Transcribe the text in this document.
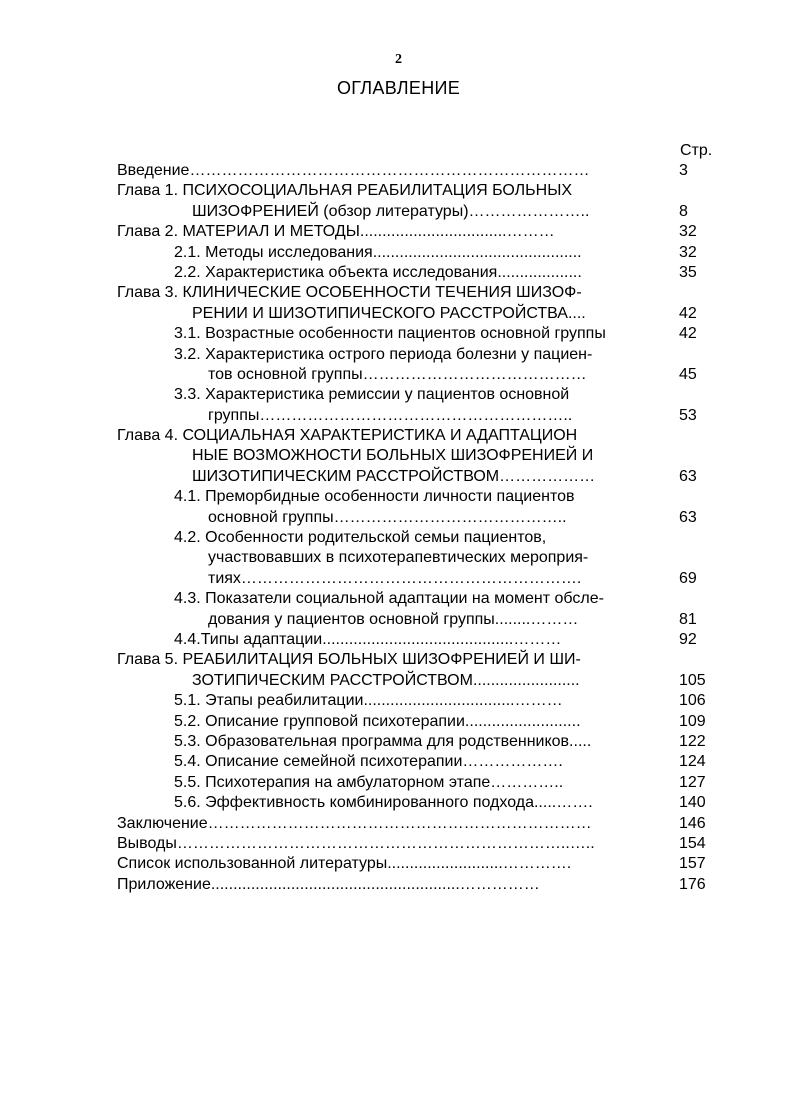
2
ОГЛАВЛЕНИЕ
Стр.
Введение…………………………………………………………………	3
Глава 1. ПСИХОСОЦИАЛЬНАЯ РЕАБИЛИТАЦИЯ БОЛЬНЫХ
ШИЗОФРЕНИЕЙ (обзор литературы)…………………..	8
Глава 2. МАТЕРИАЛ И МЕТОДЫ.................................………	32
2.1. Методы исследования...............................................	32
2.2. Характеристика объекта исследования...................	35
Глава 3. КЛИНИЧЕСКИЕ ОСОБЕННОСТИ ТЕЧЕНИЯ ШИЗОФ-
РЕНИИ И ШИЗОТИПИЧЕСКОГО РАССТРОЙСТВА....	42
3.1. Возрастные особенности пациентов основной группы	42
3.2. Характеристика острого периода болезни у пациен-
тов основной группы……………………………………	45
3.3. Характеристика ремиссии у пациентов основной
группы…………………………………………………..	53
Глава 4. СОЦИАЛЬНАЯ ХАРАКТЕРИСТИКА И АДАПТАЦИОН
НЫЕ ВОЗМОЖНОСТИ БОЛЬНЫХ ШИЗОФРЕНИЕЙ И
ШИЗОТИПИЧЕСКИМ РАССТРОЙСТВОМ………………	63
4.1. Преморбидные особенности личности пациентов
основной группы……………………………………..	63
4.2. Особенности родительской семьи пациентов,
участвовавших в психотерапевтических мероприя-
тиях……………………………………………………….	69
4.3. Показатели социальной адаптации на момент обсле-
дования у пациентов основной группы........………	81
4.4.Типы адаптации...........................................………	92
Глава 5. РЕАБИЛИТАЦИЯ БОЛЬНЫХ ШИЗОФРЕНИЕЙ И ШИ-
ЗОТИПИЧЕСКИМ РАССТРОЙСТВОМ........................	105
5.1. Этапы реабилитации..................................………	106
5.2. Описание групповой психотерапии..........................	109
5.3. Образовательная программа для родственников.....	122
5.4. Описание семейной психотерапии……………….	124
5.5. Психотерапия на амбулаторном этапе…………..	127
5.6. Эффективность комбинированного подхода.....…….	140
Заключение………………………………………………………………	146
Выводы………………………………………………………………..…..	154
Список использованной литературы..........................………….	157
Приложение........................................................……………	176
